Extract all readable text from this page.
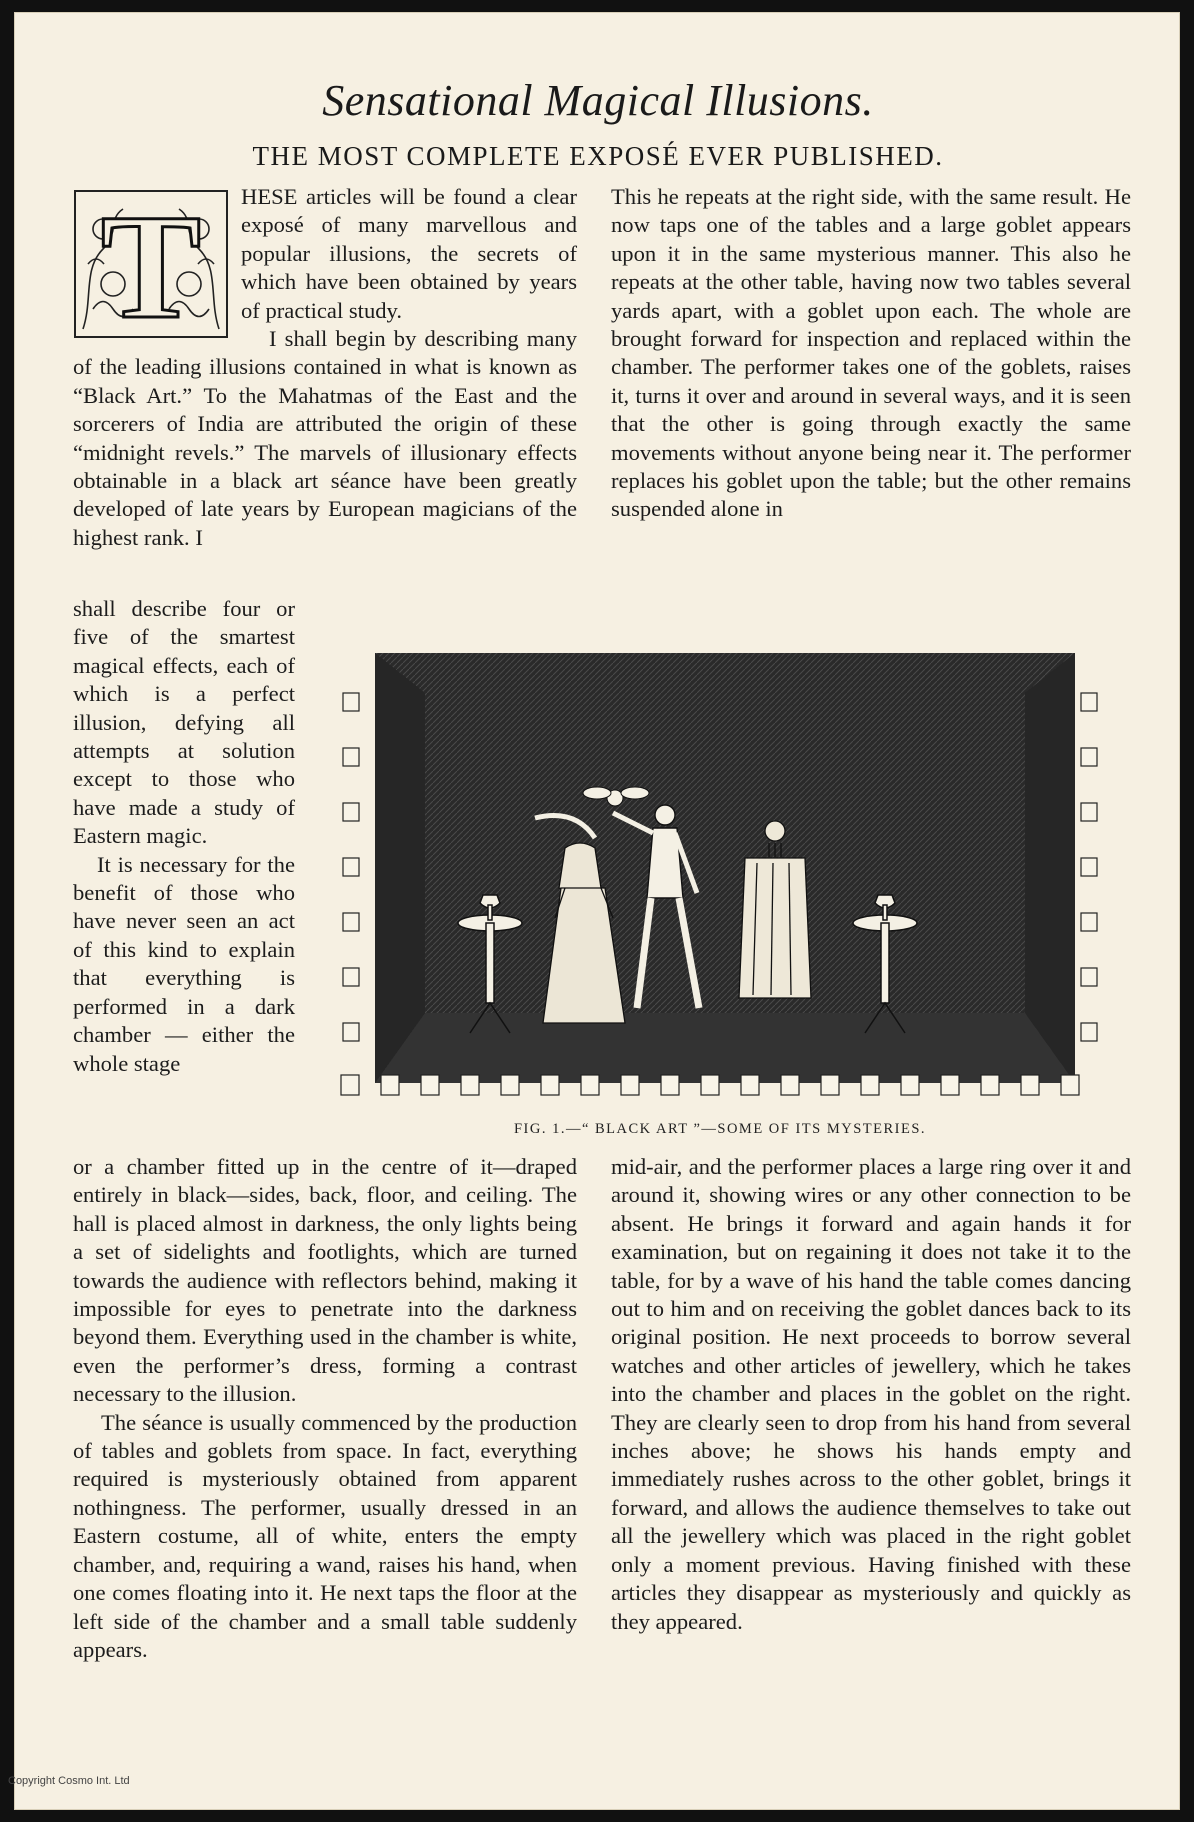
Sensational Magical Illusions.
THE MOST COMPLETE EXPOSÉ EVER PUBLISHED.
T	HESE articles will be found a clear exposé of many marvellous and popular illusions, the secrets of which have been obtained by years of practical study.

I shall begin by describing many of the leading illusions contained in what is known as “Black Art.” To the Mahatmas of the East and the sorcerers of India are attributed the origin of these “midnight revels.” The marvels of illusionary effects obtainable in a black art séance have been greatly developed of late years by European magicians of the highest rank. I

This he repeats at the right side, with the same result. He now taps one of the tables and a large goblet appears upon it in the same mysterious manner. This also he repeats at the other table, having now two tables several yards apart, with a goblet upon each. The whole are brought forward for inspection and replaced within the chamber. The performer takes one of the goblets, raises it, turns it over and around in several ways, and it is seen that the other is going through exactly the same movements without anyone being near it. The performer replaces his goblet upon the table; but the other remains suspended alone in

shall describe four or five of the smartest magical effects, each of which is a perfect illusion, defying all attempts at solution except to those who have made a study of Eastern magic.

It is necessary for the benefit of those who have never seen an act of this kind to explain that everything is performed in a dark chamber — either the whole stage

FIG. 1.—“ BLACK ART ”—SOME OF ITS MYSTERIES.

or a chamber fitted up in the centre of it—draped entirely in black—sides, back, floor, and ceiling. The hall is placed almost in darkness, the only lights being a set of sidelights and footlights, which are turned towards the audience with reflectors behind, making it impossible for eyes to penetrate into the darkness beyond them. Everything used in the chamber is white, even the performer’s dress, forming a contrast necessary to the illusion.

The séance is usually commenced by the production of tables and goblets from space. In fact, everything required is mysteriously obtained from apparent nothingness. The performer, usually dressed in an Eastern costume, all of white, enters the empty chamber, and, requiring a wand, raises his hand, when one comes floating into it. He next taps the floor at the left side of the chamber and a small table suddenly appears.

mid-air, and the performer places a large ring over it and around it, showing wires or any other connection to be absent. He brings it forward and again hands it for examination, but on regaining it does not take it to the table, for by a wave of his hand the table comes dancing out to him and on receiving the goblet dances back to its original position. He next proceeds to borrow several watches and other articles of jewellery, which he takes into the chamber and places in the goblet on the right. They are clearly seen to drop from his hand from several inches above; he shows his hands empty and immediately rushes across to the other goblet, brings it forward, and allows the audience themselves to take out all the jewellery which was placed in the right goblet only a moment previous. Having finished with these articles they disappear as mysteriously and quickly as they appeared.

Copyright Cosmo Int. Ltd
